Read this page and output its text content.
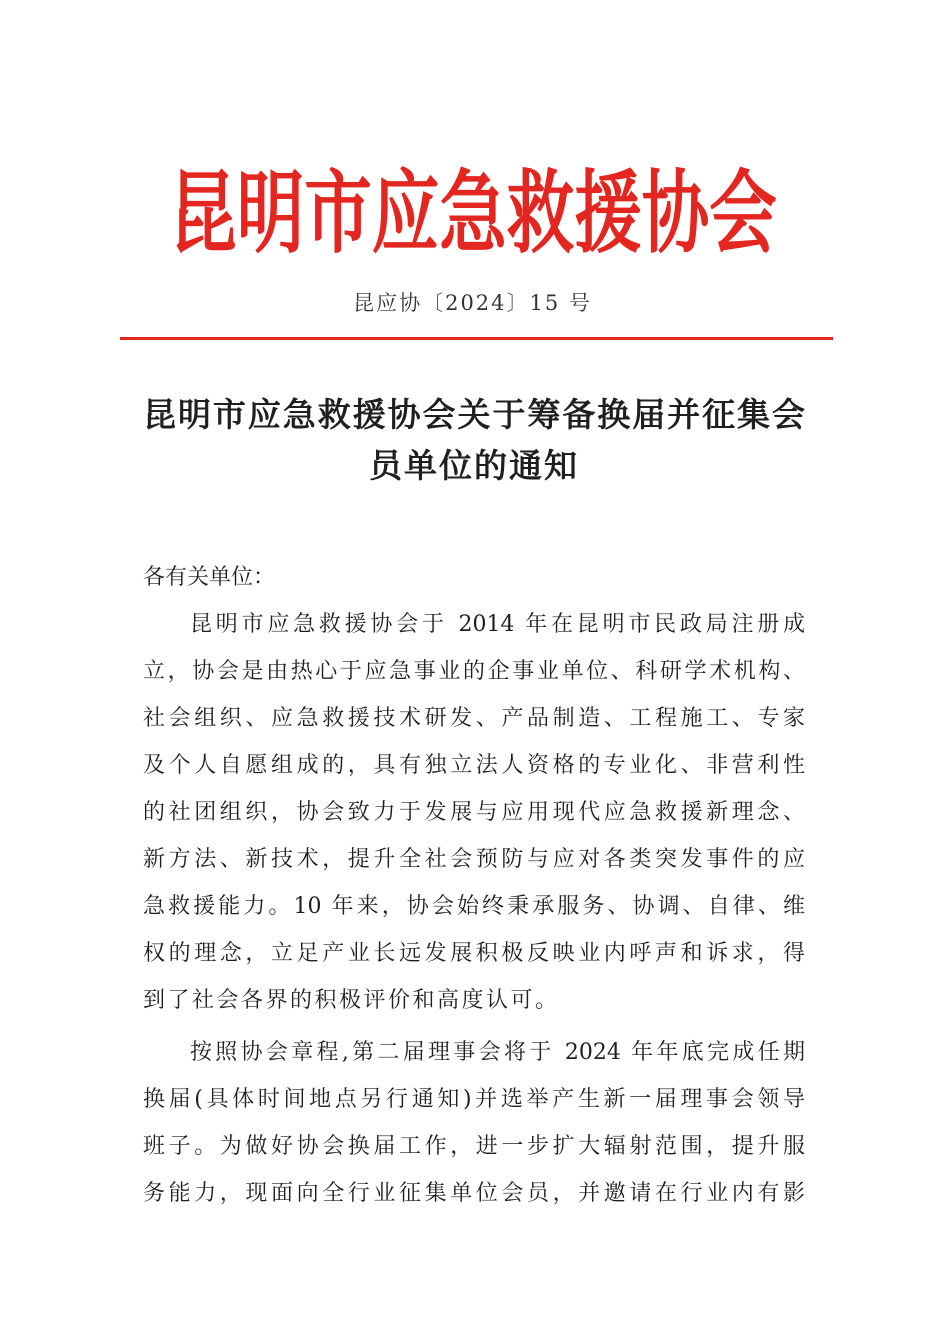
昆明市应急救援协会
昆应协〔2024〕15 号
昆明市应急救援协会关于筹备换届并征集会
员单位的通知
各有关单位：
昆明市应急救援协会于 2014 年在昆明市民政局注册成
立，协会是由热心于应急事业的企事业单位、科研学术机构、
社会组织、应急救援技术研发、产品制造、工程施工、专家
及个人自愿组成的，具有独立法人资格的专业化、非营利性
的社团组织，协会致力于发展与应用现代应急救援新理念、
新方法、新技术，提升全社会预防与应对各类突发事件的应
急救援能力。10 年来，协会始终秉承服务、协调、自律、维
权的理念，立足产业长远发展积极反映业内呼声和诉求，得
到了社会各界的积极评价和高度认可。
按照协会章程,第二届理事会将于 2024 年年底完成任期
换届(具体时间地点另行通知)并选举产生新一届理事会领导
班子。为做好协会换届工作，进一步扩大辐射范围，提升服
务能力，现面向全行业征集单位会员，并邀请在行业内有影
